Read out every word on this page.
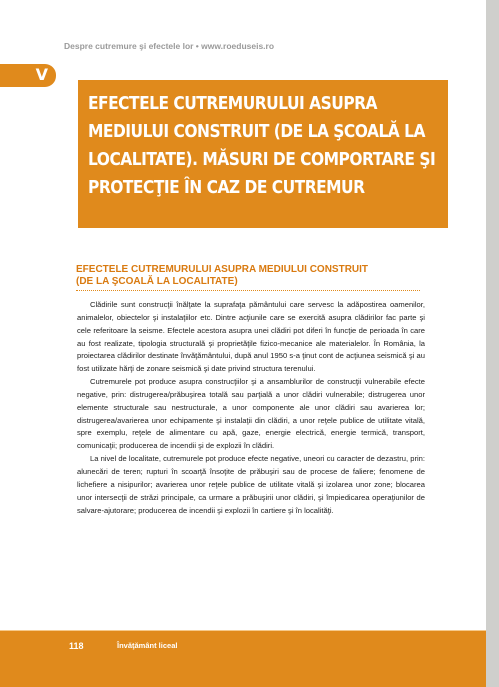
Despre cutremure şi efectele lor • www.roeduseis.ro
V
EFECTELE CUTREMURULUI ASUPRA MEDIULUI CONSTRUIT (DE LA ŞCOALĂ LA LOCALITATE). MĂSURI DE COMPORTARE ŞI PROTECŢIE ÎN CAZ DE CUTREMUR
EFECTELE CUTREMURULUI ASUPRA MEDIULUI CONSTRUIT
(DE LA ŞCOALĂ LA LOCALITATE)

Clădirile sunt construcţii înălţate la suprafaţa pământului care servesc la adăpostirea oamenilor, animalelor, obiectelor şi instalaţiilor etc. Dintre acţiunile care se exercită asupra clădirilor fac parte şi cele referitoare la seisme. Efectele acestora asupra unei clădiri pot diferi în funcţie de perioada în care au fost realizate, tipologia structurală şi proprietăţile fizico-mecanice ale materialelor. În România, la proiectarea clădirilor destinate învăţământului, după anul 1950 s-a ţinut cont de acţiunea seismică şi au fost utilizate hărţi de zonare seismică şi date privind structura terenului.

Cutremurele pot produce asupra construcţiilor şi a ansamblurilor de construcţii vulnerabile efecte negative, prin: distrugerea/prăbuşirea totală sau parţială a unor clădiri vulnerabile; distrugerea unor elemente structurale sau nestructurale, a unor componente ale unor clădiri sau avarierea lor; distrugerea/avarierea unor echipamente şi instalaţii din clădiri, a unor reţele publice de utilitate vitală, spre exemplu, reţele de alimentare cu apă, gaze, energie electrică, energie termică, transport, comunicaţii; producerea de incendii şi de explozii în clădiri.

La nivel de localitate, cutremurele pot produce efecte negative, uneori cu caracter de dezastru, prin: alunecări de teren; rupturi în scoarţă însoţite de prăbuşiri sau de procese de faliere; fenomene de lichefiere a nisipurilor; avarierea unor reţele publice de utilitate vitală şi izolarea unor zone; blocarea unor intersecţii de străzi principale, ca urmare a prăbuşirii unor clădiri, şi împiedicarea operaţiunilor de salvare-ajutorare; producerea de incendii şi explozii în cartiere şi în localităţi.

118	Învăţământ liceal
